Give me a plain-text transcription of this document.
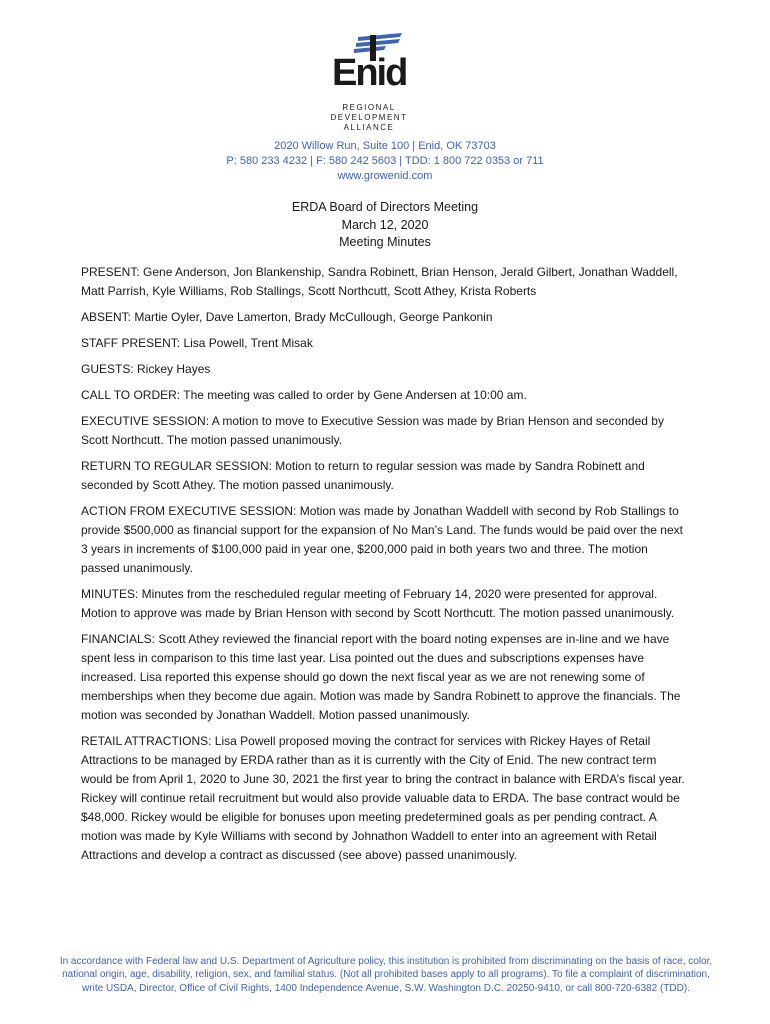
Enid
REGIONAL
DEVELOPMENT
ALLIANCE
2020 Willow Run, Suite 100 | Enid, OK 73703
P: 580 233 4232 | F: 580 242 5603 | TDD: 1 800 722 0353 or 711
www.growenid.com
ERDA Board of Directors Meeting
March 12, 2020
Meeting Minutes

PRESENT: Gene Anderson, Jon Blankenship, Sandra Robinett, Brian Henson, Jerald Gilbert, Jonathan Waddell, Matt Parrish, Kyle Williams, Rob Stallings, Scott Northcutt, Scott Athey, Krista Roberts

ABSENT: Martie Oyler, Dave Lamerton, Brady McCullough, George Pankonin

STAFF PRESENT: Lisa Powell, Trent Misak

GUESTS: Rickey Hayes

CALL TO ORDER: The meeting was called to order by Gene Andersen at 10:00 am.

EXECUTIVE SESSION: A motion to move to Executive Session was made by Brian Henson and seconded by Scott Northcutt. The motion passed unanimously.

RETURN TO REGULAR SESSION: Motion to return to regular session was made by Sandra Robinett and seconded by Scott Athey. The motion passed unanimously.

ACTION FROM EXECUTIVE SESSION: Motion was made by Jonathan Waddell with second by Rob Stallings to provide $500,000 as financial support for the expansion of No Man’s Land. The funds would be paid over the next 3 years in increments of $100,000 paid in year one, $200,000 paid in both years two and three. The motion passed unanimously.

MINUTES: Minutes from the rescheduled regular meeting of February 14, 2020 were presented for approval. Motion to approve was made by Brian Henson with second by Scott Northcutt. The motion passed unanimously.

FINANCIALS: Scott Athey reviewed the financial report with the board noting expenses are in-line and we have spent less in comparison to this time last year. Lisa pointed out the dues and subscriptions expenses have increased. Lisa reported this expense should go down the next fiscal year as we are not renewing some of memberships when they become due again. Motion was made by Sandra Robinett to approve the financials. The motion was seconded by Jonathan Waddell. Motion passed unanimously.

RETAIL ATTRACTIONS: Lisa Powell proposed moving the contract for services with Rickey Hayes of Retail Attractions to be managed by ERDA rather than as it is currently with the City of Enid. The new contract term would be from April 1, 2020 to June 30, 2021 the first year to bring the contract in balance with ERDA’s fiscal year. Rickey will continue retail recruitment but would also provide valuable data to ERDA. The base contract would be $48,000. Rickey would be eligible for bonuses upon meeting predetermined goals as per pending contract. A motion was made by Kyle Williams with second by Johnathon Waddell to enter into an agreement with Retail Attractions and develop a contract as discussed (see above) passed unanimously.

In accordance with Federal law and U.S. Department of Agriculture policy, this institution is prohibited from discriminating on the basis of race, color, national origin, age, disability, religion, sex, and familial status. (Not all prohibited bases apply to all programs). To file a complaint of discrimination, write USDA, Director, Office of Civil Rights, 1400 Independence Avenue, S.W. Washington D.C. 20250-9410, or call 800-720-6382 (TDD).
